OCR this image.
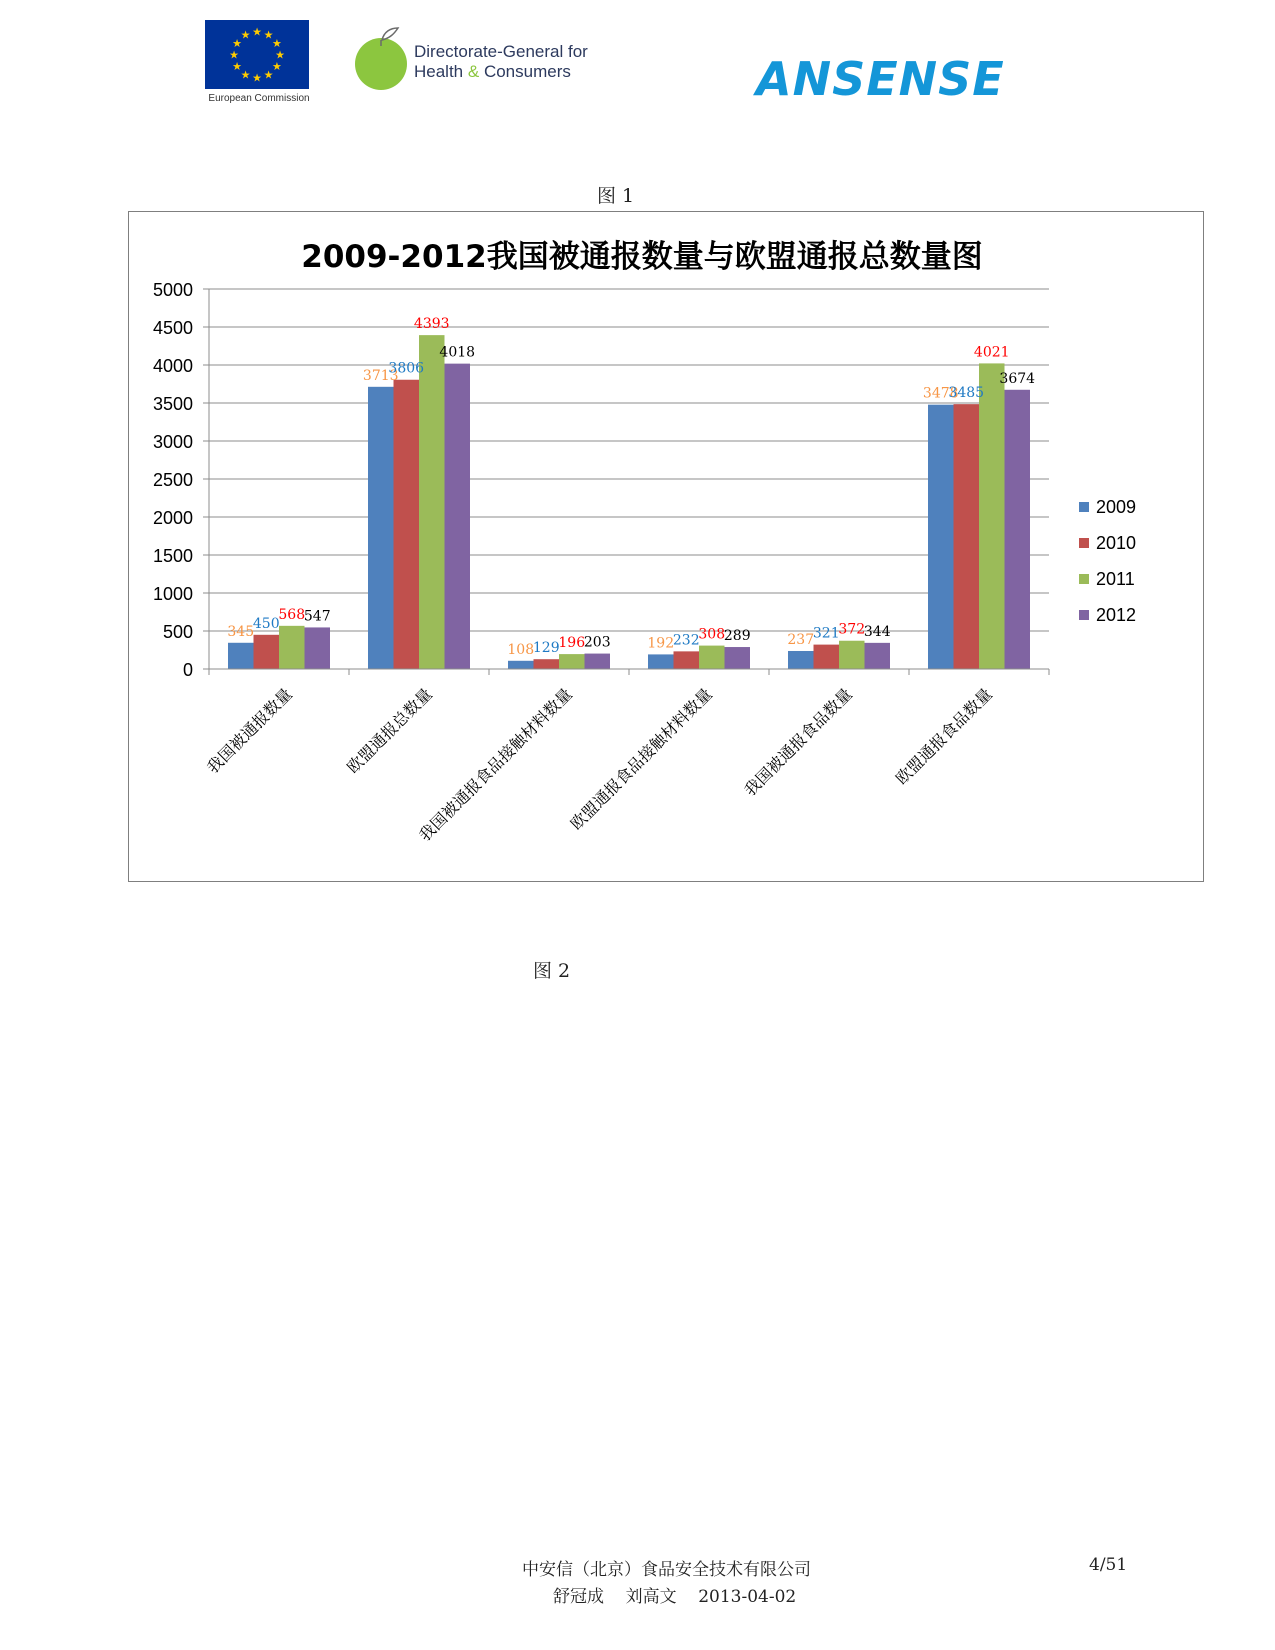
★ ★
★
★
★
★
★
★
★
★
★
★
European Commission
Directorate-General for
Health & Consumers	ANSENSE
图 1
2009-2012我国被通报数量与欧盟通报总数量图
0
500
1000
1500
2000
2500
3000
3500
4000
4500
5000
345
450
568
547
3713
3806
4393
4018
108
129
196
203	192
232
308
289	237
321
372
344
3478
3485
4021
3674
我国被通报数量	欧盟通报总数量
我国被通报食品接触材料数量
欧盟通报食品接触材料数量 我国被通报食品数量 欧盟通报食品数量
2009
2010
2011
2012
图 2
中安信（北京）食品安全技术有限公司
舒冠成    刘高文    2013-04-02
4/51
